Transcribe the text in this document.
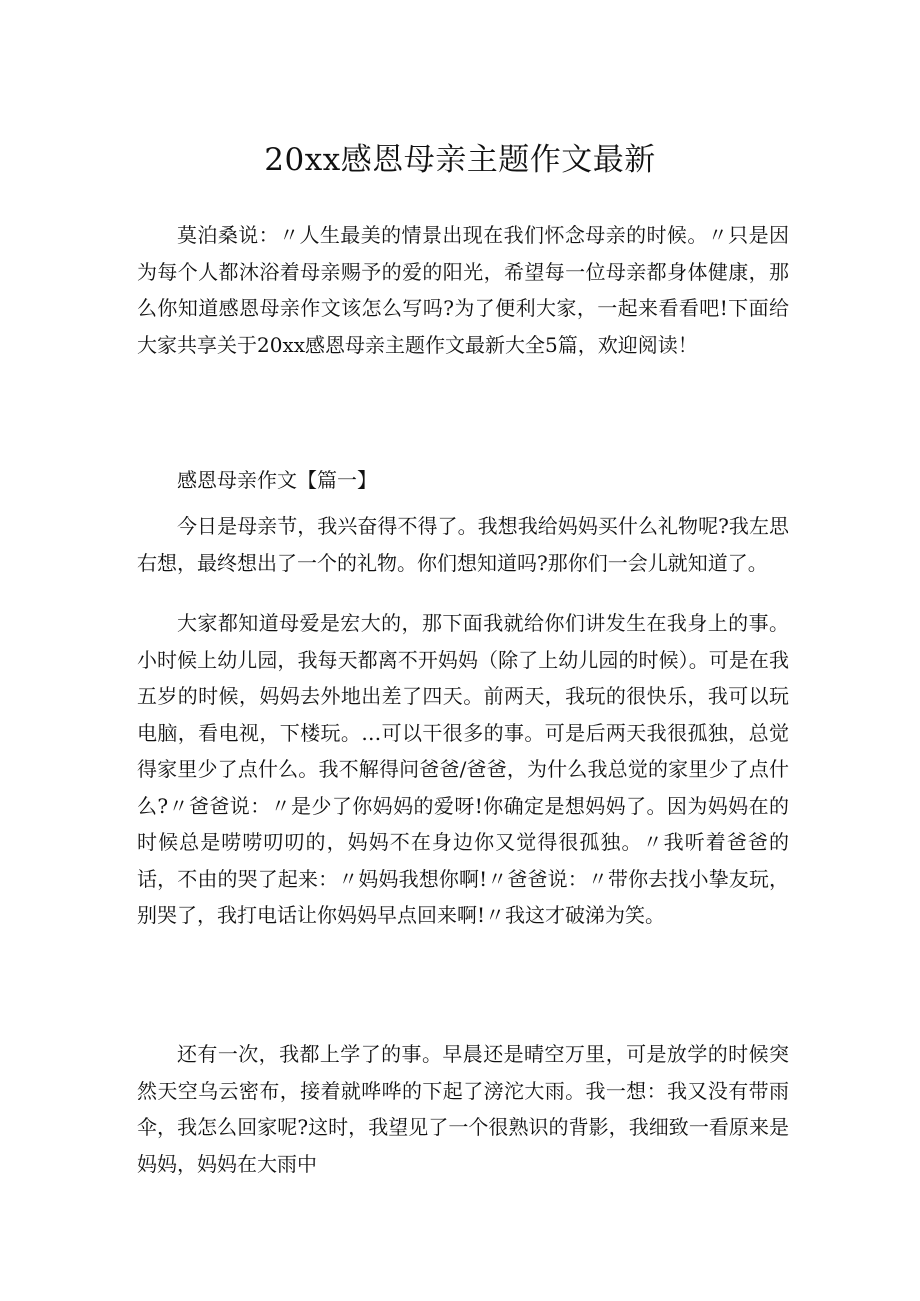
20xx感恩母亲主题作文最新

莫泊桑说：〃人生最美的情景出现在我们怀念母亲的时候。〃只是因为每个人都沐浴着母亲赐予的爱的阳光，希望每一位母亲都身体健康，那么你知道感恩母亲作文该怎么写吗?为了便利大家，一起来看看吧!下面给大家共享关于20xx感恩母亲主题作文最新大全5篇，欢迎阅读！

感恩母亲作文【篇一】

今日是母亲节，我兴奋得不得了。我想我给妈妈买什么礼物呢?我左思右想，最终想出了一个的礼物。你们想知道吗?那你们一会儿就知道了。

大家都知道母爱是宏大的，那下面我就给你们讲发生在我身上的事。小时候上幼儿园，我每天都离不开妈妈（除了上幼儿园的时候）。可是在我五岁的时候，妈妈去外地出差了四天。前两天，我玩的很快乐，我可以玩电脑，看电视，下楼玩。…可以干很多的事。可是后两天我很孤独，总觉得家里少了点什么。我不解得问爸爸/爸爸，为什么我总觉的家里少了点什么?〃爸爸说：〃是少了你妈妈的爱呀!你确定是想妈妈了。因为妈妈在的时候总是唠唠叨叨的，妈妈不在身边你又觉得很孤独。〃我听着爸爸的话，不由的哭了起来：〃妈妈我想你啊!〃爸爸说：〃带你去找小挚友玩，别哭了，我打电话让你妈妈早点回来啊!〃我这才破涕为笑。

还有一次，我都上学了的事。早晨还是晴空万里，可是放学的时候突然天空乌云密布，接着就哗哗的下起了滂沱大雨。我一想：我又没有带雨伞，我怎么回家呢?这时，我望见了一个很熟识的背影，我细致一看原来是妈妈，妈妈在大雨中
